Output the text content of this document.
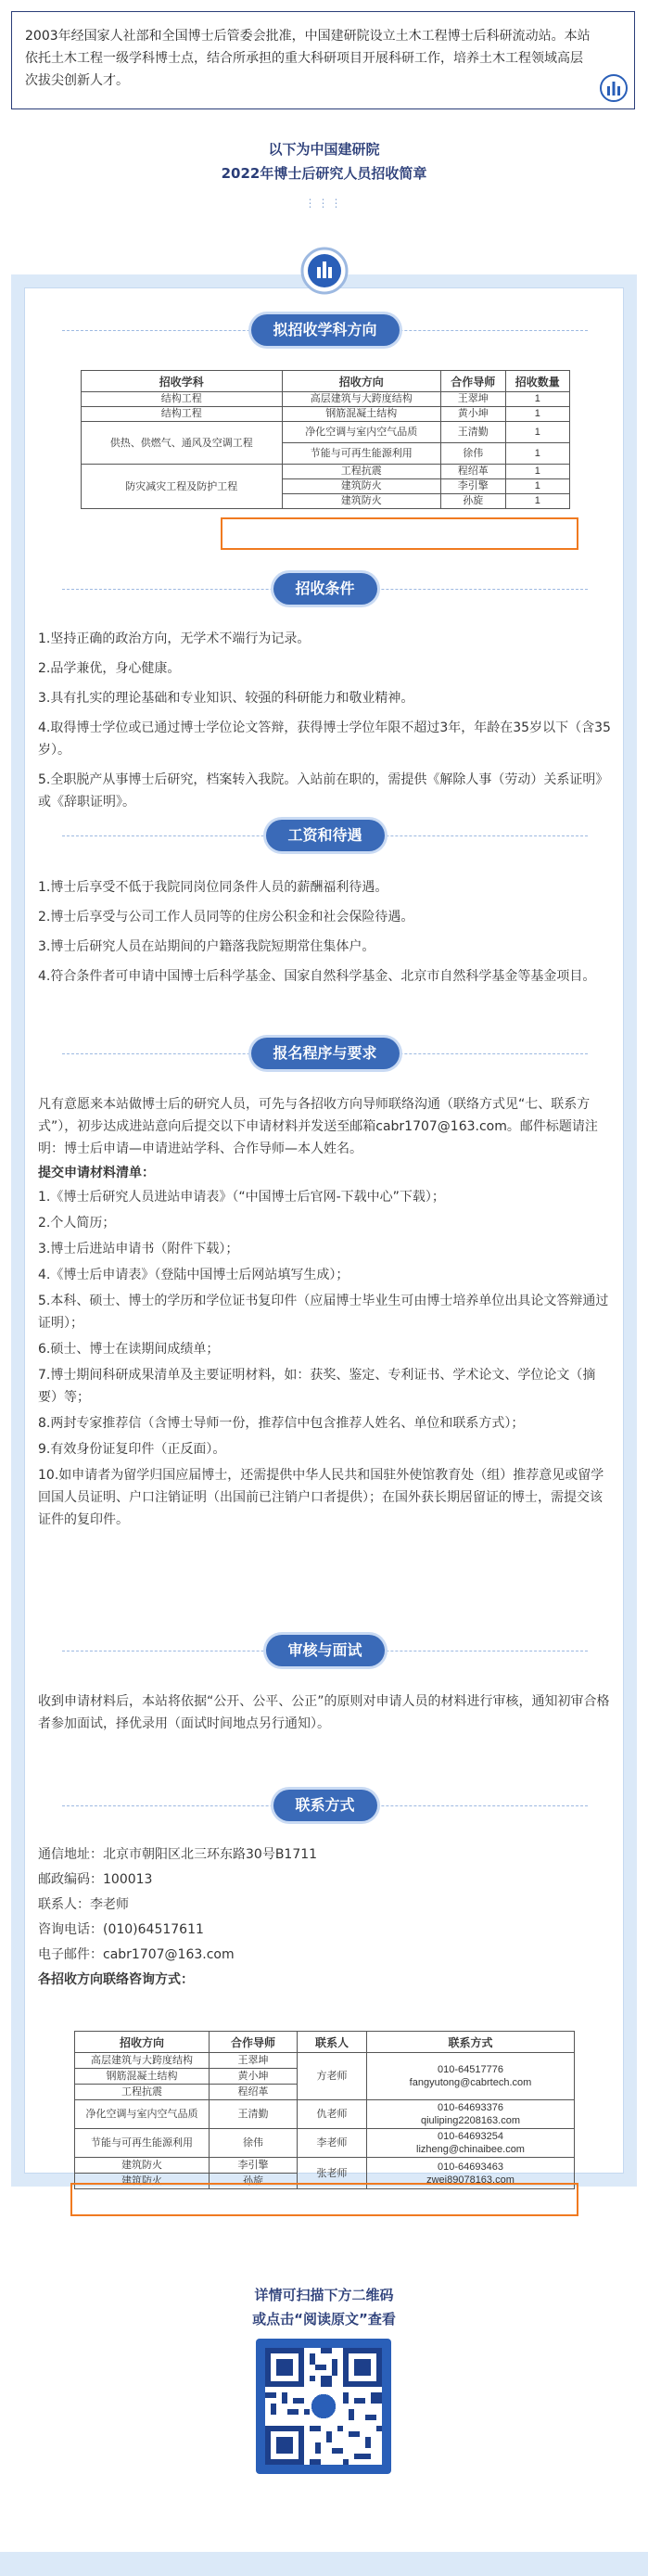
2003年经国家人社部和全国博士后管委会批准，中国建研院设立土木工程博士后科研流动站。本站依托土木工程一级学科博士点，结合所承担的重大科研项目开展科研工作，培养土木工程领域高层次拔尖创新人才。

以下为中国建研院
2022年博士后研究人员招收简章
⋮⋮⋮
拟招收学科方向
招收学科	招收方向	合作导师	招收数量
结构工程	高层建筑与大跨度结构	王翠坤	1
结构工程	钢筋混凝土结构	黄小坤	1
供热、供燃气、通风及空调工程	净化空调与室内空气品质	王清勤	1
	节能与可再生能源利用	徐伟	1
防灾减灾工程及防护工程	工程抗震	程绍革	1
	建筑防火	李引擎	1
	建筑防火	孙旋	1
招收条件

1.坚持正确的政治方向，无学术不端行为记录。

2.品学兼优，身心健康。

3.具有扎实的理论基础和专业知识、较强的科研能力和敬业精神。

4.取得博士学位或已通过博士学位论文答辩，获得博士学位年限不超过3年，年龄在35岁以下（含35岁）。

5.全职脱产从事博士后研究，档案转入我院。入站前在职的，需提供《解除人事（劳动）关系证明》或《辞职证明》。

工资和待遇

1.博士后享受不低于我院同岗位同条件人员的薪酬福利待遇。

2.博士后享受与公司工作人员同等的住房公积金和社会保险待遇。

3.博士后研究人员在站期间的户籍落我院短期常住集体户。

4.符合条件者可申请中国博士后科学基金、国家自然科学基金、北京市自然科学基金等基金项目。

报名程序与要求

凡有意愿来本站做博士后的研究人员，可先与各招收方向导师联络沟通（联络方式见“七、联系方式”），初步达成进站意向后提交以下申请材料并发送至邮箱cabr1707@163.com。邮件标题请注明：博士后申请—申请进站学科、合作导师—本人姓名。

提交申请材料清单：

1.《博士后研究人员进站申请表》（“中国博士后官网-下载中心”下载）；

2.个人简历；

3.博士后进站申请书（附件下载）；

4.《博士后申请表》（登陆中国博士后网站填写生成）；

5.本科、硕士、博士的学历和学位证书复印件（应届博士毕业生可由博士培养单位出具论文答辩通过证明）；

6.硕士、博士在读期间成绩单；

7.博士期间科研成果清单及主要证明材料，如：获奖、鉴定、专利证书、学术论文、学位论文（摘要）等；

8.两封专家推荐信（含博士导师一份，推荐信中包含推荐人姓名、单位和联系方式）；

9.有效身份证复印件（正反面）。

10.如申请者为留学归国应届博士，还需提供中华人民共和国驻外使馆教育处（组）推荐意见或留学回国人员证明、户口注销证明（出国前已注销户口者提供）；在国外获长期居留证的博士，需提交该证件的复印件。

审核与面试

收到申请材料后，本站将依据“公开、公平、公正”的原则对申请人员的材料进行审核，通知初审合格者参加面试，择优录用（面试时间地点另行通知）。

联系方式

通信地址：北京市朝阳区北三环东路30号B1711

邮政编码：100013

联系人：李老师

咨询电话：(010)64517611

电子邮件：cabr1707@163.com

各招收方向联络咨询方式：

招收方向	合作导师	联系人	联系方式
高层建筑与大跨度结构	王翠坤	方老师	010-64517776
fangyutong@cabrtech.com

钢筋混凝土结构	黄小坤		
工程抗震	程绍革		
净化空调与室内空气品质	王清勤	仇老师	010-64693376
qiuliping2208163.com

节能与可再生能源利用	徐伟	李老师	010-64693254
lizheng@chinaibee.com

建筑防火	李引擎	张老师	010-64693463
zwei89078163.com

建筑防火	孙旋		
详情可扫描下方二维码
或点击“阅读原文”查看
